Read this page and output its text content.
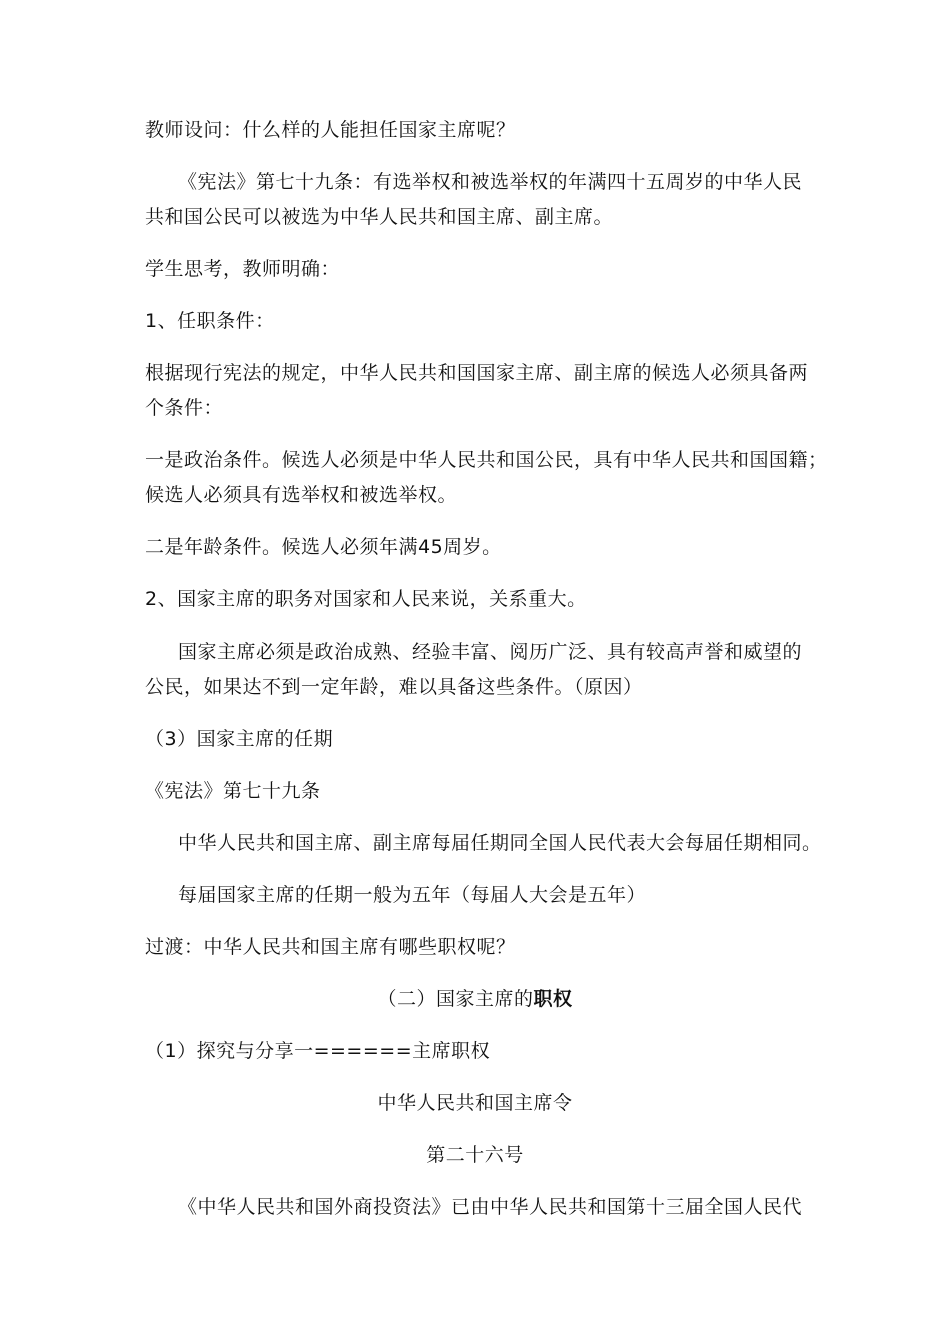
教师设问：什么样的人能担任国家主席呢？
《宪法》第七十九条：有选举权和被选举权的年满四十五周岁的中华人民
共和国公民可以被选为中华人民共和国主席、副主席。
学生思考，教师明确：
1、任职条件：
根据现行宪法的规定，中华人民共和国国家主席、副主席的候选人必须具备两
个条件：
一是政治条件。候选人必须是中华人民共和国公民，具有中华人民共和国国籍；
候选人必须具有选举权和被选举权。
二是年龄条件。候选人必须年满45周岁。
2、国家主席的职务对国家和人民来说，关系重大。
国家主席必须是政治成熟、经验丰富、阅历广泛、具有较高声誉和威望的
公民，如果达不到一定年龄，难以具备这些条件。（原因）
（3）国家主席的任期
《宪法》第七十九条
中华人民共和国主席、副主席每届任期同全国人民代表大会每届任期相同。
每届国家主席的任期一般为五年（每届人大会是五年）
过渡：中华人民共和国主席有哪些职权呢？
（二）国家主席的职权
（1）探究与分享一======主席职权
中华人民共和国主席令
第二十六号
《中华人民共和国外商投资法》已由中华人民共和国第十三届全国人民代
